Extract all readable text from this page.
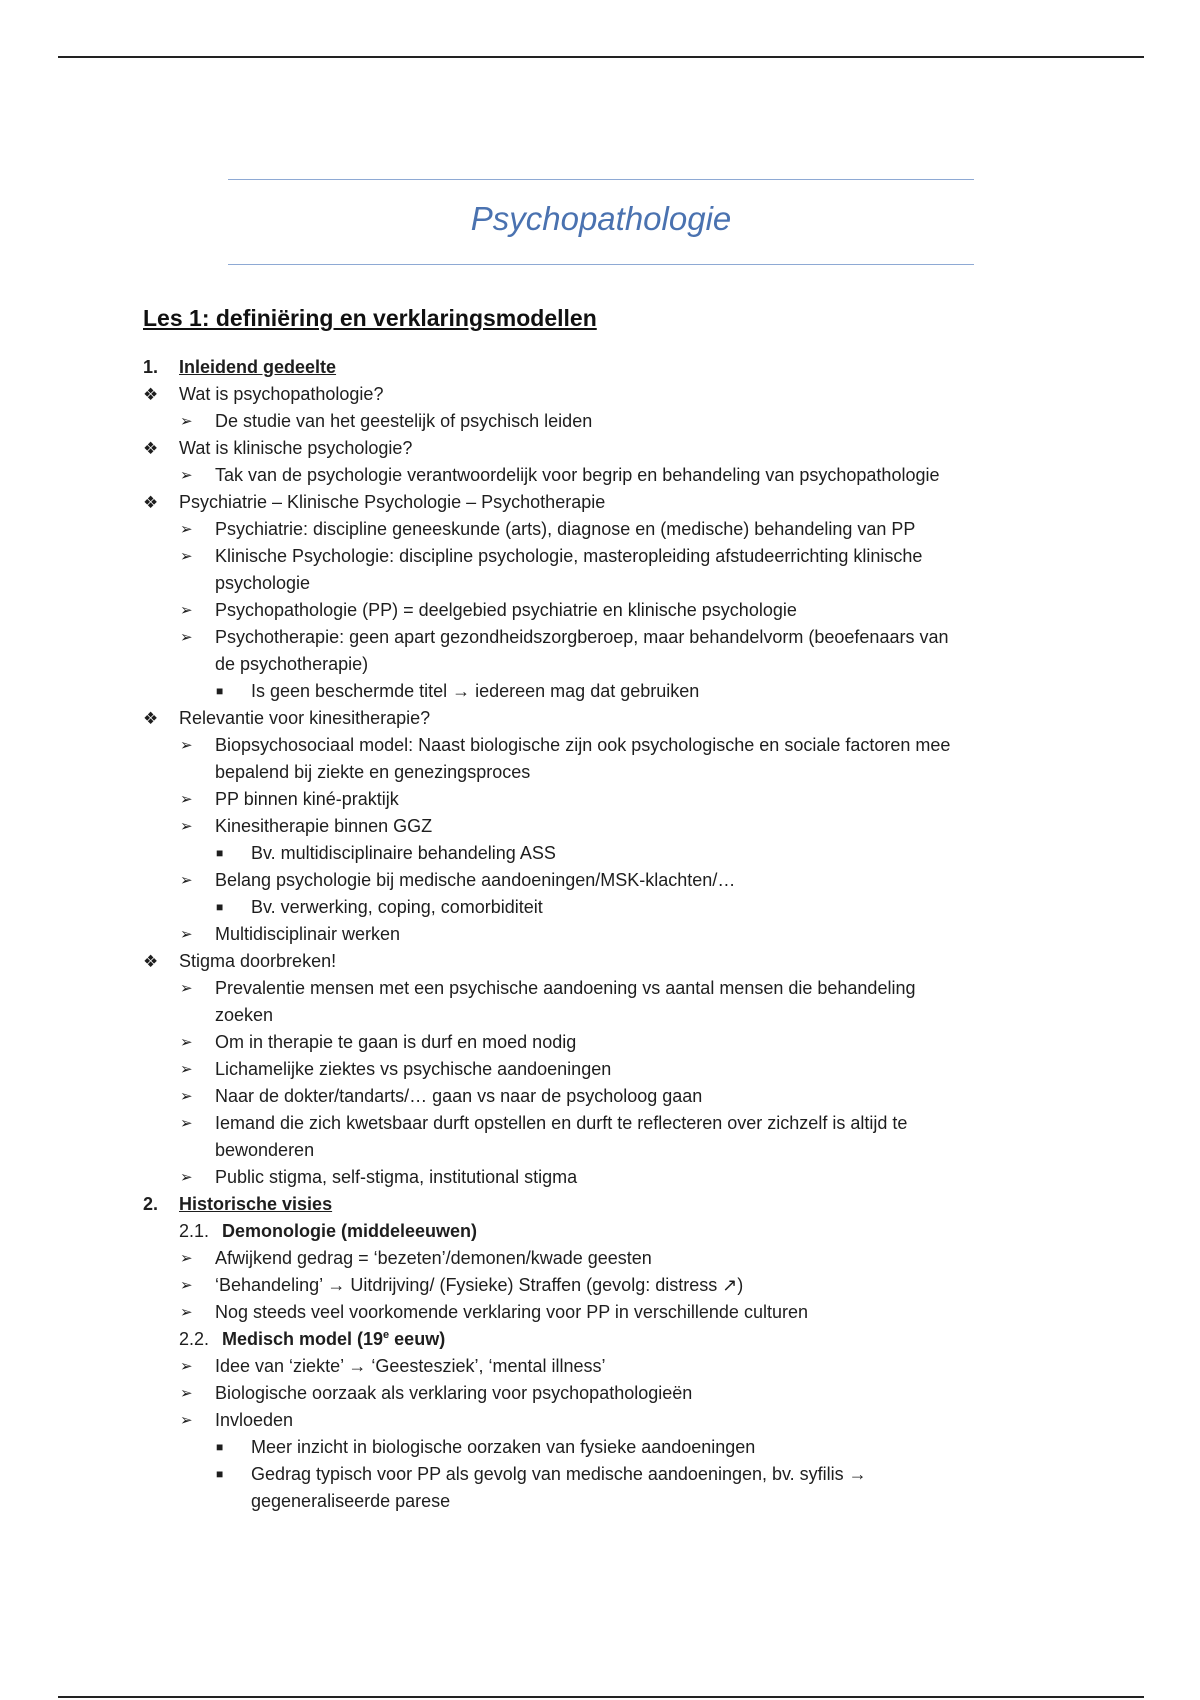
Psychopathologie
Les 1: definiëring en verklaringsmodellen
1.	Inleidend gedeelte
❖	Wat is psychopathologie?
➢	De studie van het geestelijk of psychisch leiden
❖	Wat is klinische psychologie?
➢	Tak van de psychologie verantwoordelijk voor begrip en behandeling van psychopathologie
❖	Psychiatrie – Klinische Psychologie – Psychotherapie
➢	Psychiatrie: discipline geneeskunde (arts), diagnose en (medische) behandeling van PP
➢	Klinische Psychologie: discipline psychologie, masteropleiding afstudeerrichting klinische
psychologie
➢	Psychopathologie (PP) = deelgebied psychiatrie en klinische psychologie
➢	Psychotherapie: geen apart gezondheidszorgberoep, maar behandelvorm (beoefenaars van
de psychotherapie)
■	Is geen beschermde titel → iedereen mag dat gebruiken
❖	Relevantie voor kinesitherapie?
➢	Biopsychosociaal model: Naast biologische zijn ook psychologische en sociale factoren mee
bepalend bij ziekte en genezingsproces
➢	PP binnen kiné-praktijk
➢	Kinesitherapie binnen GGZ
■	Bv. multidisciplinaire behandeling ASS
➢	Belang psychologie bij medische aandoeningen/MSK-klachten/…
■	Bv. verwerking, coping, comorbiditeit
➢	Multidisciplinair werken
❖	Stigma doorbreken!
➢	Prevalentie mensen met een psychische aandoening vs aantal mensen die behandeling
zoeken
➢	Om in therapie te gaan is durf en moed nodig
➢	Lichamelijke ziektes vs psychische aandoeningen
➢	Naar de dokter/tandarts/… gaan vs naar de psycholoog gaan
➢	Iemand die zich kwetsbaar durft opstellen en durft te reflecteren over zichzelf is altijd te
bewonderen
➢	Public stigma, self-stigma, institutional stigma
2.	Historische visies
2.1. Demonologie (middeleeuwen)
➢	Afwijkend gedrag = ‘bezeten’/demonen/kwade geesten
➢	‘Behandeling’ → Uitdrijving/ (Fysieke) Straffen (gevolg: distress ↗)
➢	Nog steeds veel voorkomende verklaring voor PP in verschillende culturen
2.2. Medisch model (19e eeuw)
➢	Idee van ‘ziekte’ → ‘Geestesziek’, ‘mental illness’
➢	Biologische oorzaak als verklaring voor psychopathologieën
➢	Invloeden
■	Meer inzicht in biologische oorzaken van fysieke aandoeningen
■	Gedrag typisch voor PP als gevolg van medische aandoeningen, bv. syfilis →
gegeneraliseerde parese
